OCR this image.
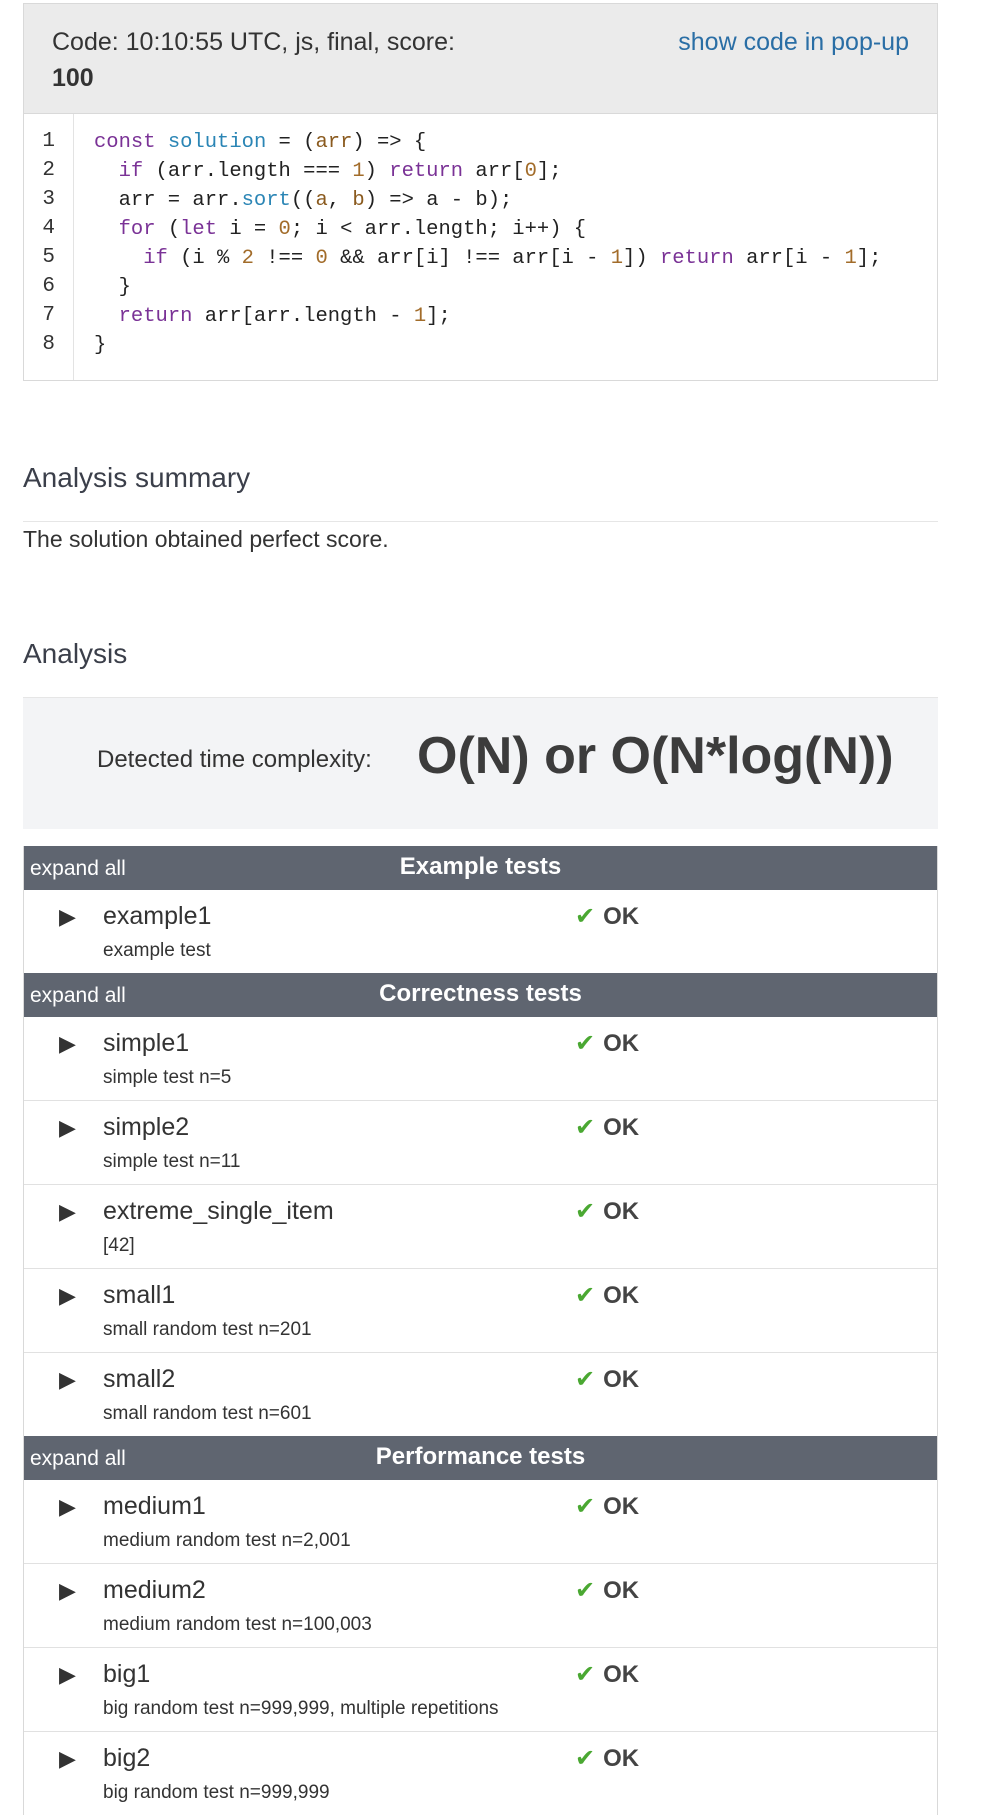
Code: 10:10:55 UTC, js, final, score:
100
show code in pop-up
1
2
3
4
5
6
7
8
const solution = (arr) => {
if (arr.length === 1) return arr[0];
arr = arr.sort((a, b) => a - b);
for (let i = 0; i < arr.length; i++) {
if (i % 2 !== 0 && arr[i] !== arr[i - 1]) return arr[i - 1];
}
return arr[arr.length - 1];
}
Analysis summary
The solution obtained perfect score.
Analysis
Detected time complexity: O(N) or O(N*log(N))
expand all	Example tests
▶ example1
example test
✔ OK
expand all	Correctness tests
▶ simple1
simple test n=5
✔ OK
▶ simple2
simple test n=11
✔ OK
▶ extreme_single_item
[42]
✔ OK
▶ small1
small random test n=201
✔ OK
▶ small2
small random test n=601
✔ OK
expand all	Performance tests
▶ medium1
medium random test n=2,001
✔ OK
▶ medium2
medium random test n=100,003
✔ OK
▶ big1
big random test n=999,999, multiple repetitions
✔ OK
▶ big2
big random test n=999,999
✔ OK
